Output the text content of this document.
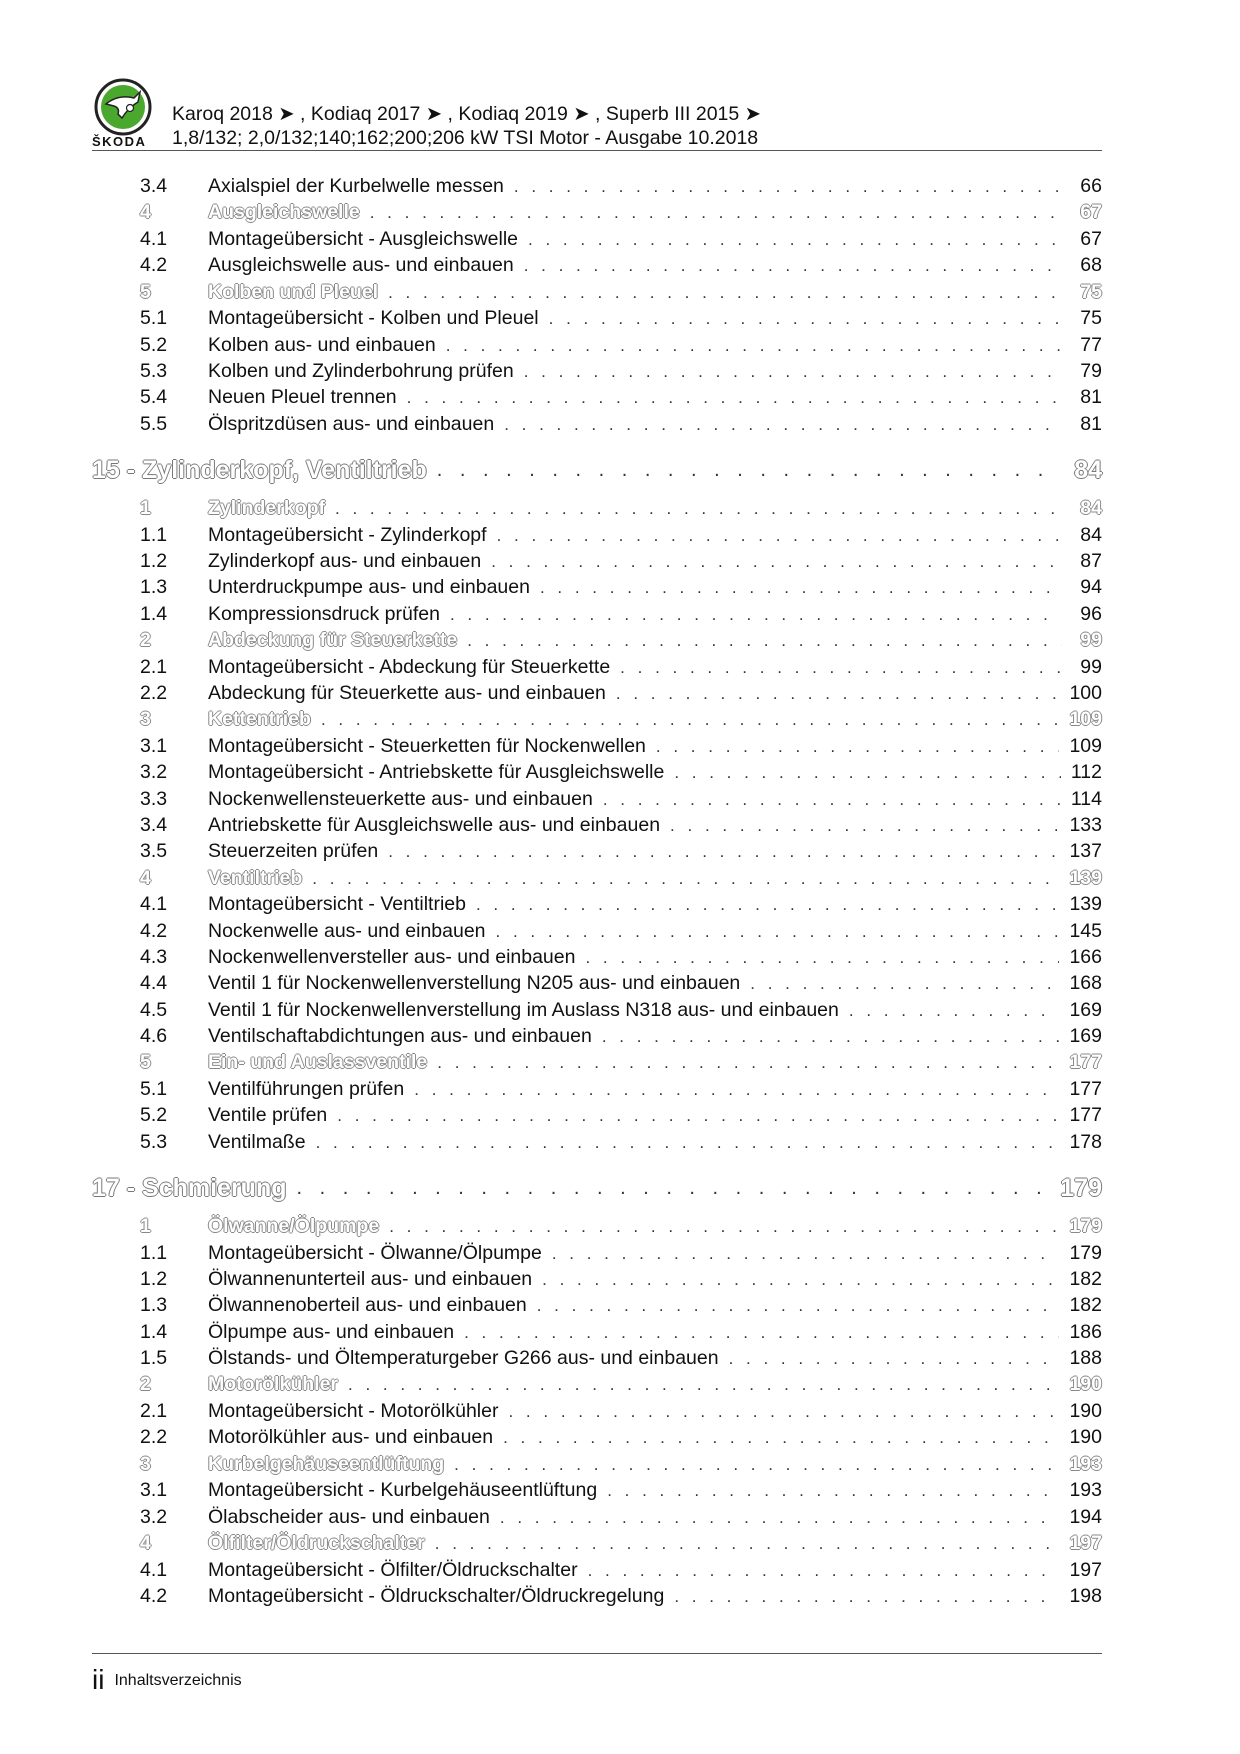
ŠKODA
Karoq 2018 ➤ , Kodiaq 2017 ➤ , Kodiaq 2019 ➤ , Superb III 2015 ➤
1,8/132; 2,0/132;140;162;200;206 kW TSI Motor - Ausgabe 10.2018
3.4	Axialspiel der Kurbelwelle messen . . .	66
4	Ausgleichswelle . . .	67
4.1	Montageübersicht - Ausgleichswelle . . .	67
4.2	Ausgleichswelle aus- und einbauen . . .	68
5	Kolben und Pleuel . . .	75
5.1	Montageübersicht - Kolben und Pleuel . . .	75
5.2	Kolben aus- und einbauen . . .	77
5.3	Kolben und Zylinderbohrung prüfen . . .	79
5.4	Neuen Pleuel trennen . . .	81
5.5	Ölspritzdüsen aus- und einbauen . . .	81
15 - Zylinderkopf, Ventiltrieb . . .	84
1	Zylinderkopf . . .	84
1.1	Montageübersicht - Zylinderkopf . . .	84
1.2	Zylinderkopf aus- und einbauen . . .	87
1.3	Unterdruckpumpe aus- und einbauen . . .	94
1.4	Kompressionsdruck prüfen . . .	96
2	Abdeckung für Steuerkette . . .	99
2.1	Montageübersicht - Abdeckung für Steuerkette . . .	99
2.2	Abdeckung für Steuerkette aus- und einbauen . . .	100
3	Kettentrieb . . .	109
3.1	Montageübersicht - Steuerketten für Nockenwellen . . .	109
3.2	Montageübersicht - Antriebskette für Ausgleichswelle . . .	112
3.3	Nockenwellensteuerkette aus- und einbauen . . .	114
3.4	Antriebskette für Ausgleichswelle aus- und einbauen . . .	133
3.5	Steuerzeiten prüfen . . .	137
4	Ventiltrieb . . .	139
4.1	Montageübersicht - Ventiltrieb . . .	139
4.2	Nockenwelle aus- und einbauen . . .	145
4.3	Nockenwellenversteller aus- und einbauen . . .	166
4.4	Ventil 1 für Nockenwellenverstellung N205 aus- und einbauen . . .	168
4.5	Ventil 1 für Nockenwellenverstellung im Auslass N318 aus- und einbauen . . .	169
4.6	Ventilschaftabdichtungen aus- und einbauen . . .	169
5	Ein- und Auslassventile . . .	177
5.1	Ventilführungen prüfen . . .	177
5.2	Ventile prüfen . . .	177
5.3	Ventilmaße . . .	178
17 - Schmierung . . .	179
1	Ölwanne/Ölpumpe . . .	179
1.1	Montageübersicht - Ölwanne/Ölpumpe . . .	179
1.2	Ölwannenunterteil aus- und einbauen . . .	182
1.3	Ölwannenoberteil aus- und einbauen . . .	182
1.4	Ölpumpe aus- und einbauen . . .	186
1.5	Ölstands- und Öltemperaturgeber G266 aus- und einbauen . . .	188
2	Motorölkühler . . .	190
2.1	Montageübersicht - Motorölkühler . . .	190
2.2	Motorölkühler aus- und einbauen . . .	190
3	Kurbelgehäuseentlüftung . . .	193
3.1	Montageübersicht - Kurbelgehäuseentlüftung . . .	193
3.2	Ölabscheider aus- und einbauen . . .	194
4	Ölfilter/Öldruckschalter . . .	197
4.1	Montageübersicht - Ölfilter/Öldruckschalter . . .	197
4.2	Montageübersicht - Öldruckschalter/Öldruckregelung . . .	198
ii Inhaltsverzeichnis
